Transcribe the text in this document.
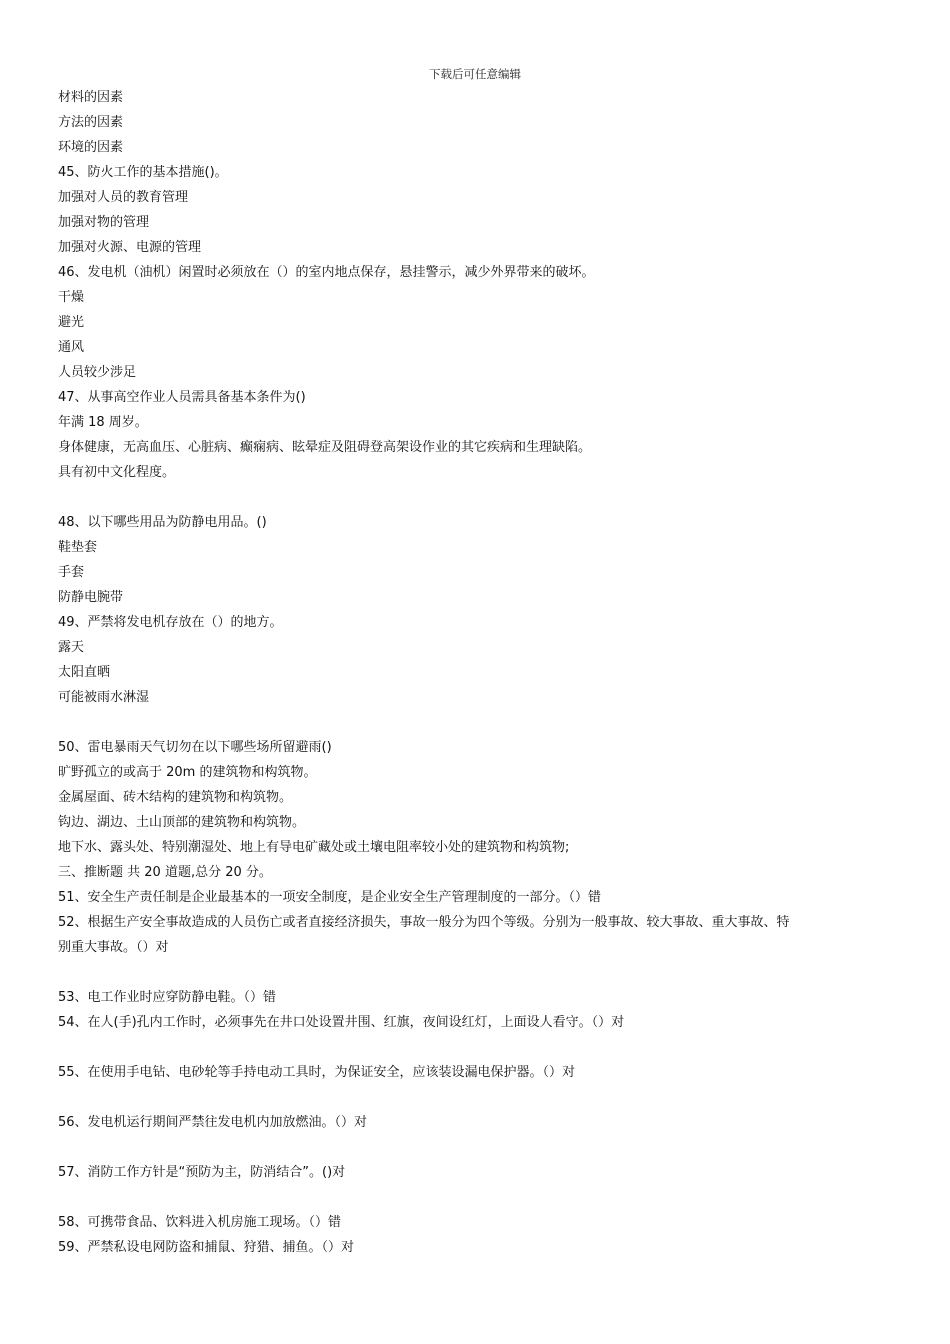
下载后可任意编辑
材料的因素
方法的因素
环境的因素
45、防火工作的基本措施()。
加强对人员的教育管理
加强对物的管理
加强对火源、电源的管理
46、发电机（油机）闲置时必须放在（）的室内地点保存，悬挂警示，减少外界带来的破坏。
干燥
避光
通风
人员较少涉足
47、从事高空作业人员需具备基本条件为()
年满 18 周岁。
身体健康，无高血压、心脏病、癫痫病、眩晕症及阻碍登高架设作业的其它疾病和生理缺陷。
具有初中文化程度。
48、以下哪些用品为防静电用品。()
鞋垫套
手套
防静电腕带
49、严禁将发电机存放在（）的地方。
露天
太阳直晒
可能被雨水淋湿
50、雷电暴雨天气切勿在以下哪些场所留避雨()
旷野孤立的或高于 20m 的建筑物和构筑物。
金属屋面、砖木结构的建筑物和构筑物。
钩边、湖边、土山顶部的建筑物和构筑物。
地下水、露头处、特别潮湿处、地上有导电矿藏处或土壤电阻率较小处的建筑物和构筑物;
三、推断题 共 20 道题,总分 20 分。
51、安全生产责任制是企业最基本的一项安全制度，是企业安全生产管理制度的一部分。（）错
52、根据生产安全事故造成的人员伤亡或者直接经济损失，事故一般分为四个等级。分别为一般事故、较大事故、重大事故、特
别重大事故。（）对
53、电工作业时应穿防静电鞋。（）错
54、在人(手)孔内工作时，必须事先在井口处设置井围、红旗，夜间设红灯，上面设人看守。（）对
55、在使用手电钻、电砂轮等手持电动工具时，为保证安全，应该装设漏电保护器。（）对
56、发电机运行期间严禁往发电机内加放燃油。（）对
57、消防工作方针是“预防为主，防消结合”。()对
58、可携带食品、饮料进入机房施工现场。（）错
59、严禁私设电网防盗和捕鼠、狩猎、捕鱼。（）对
